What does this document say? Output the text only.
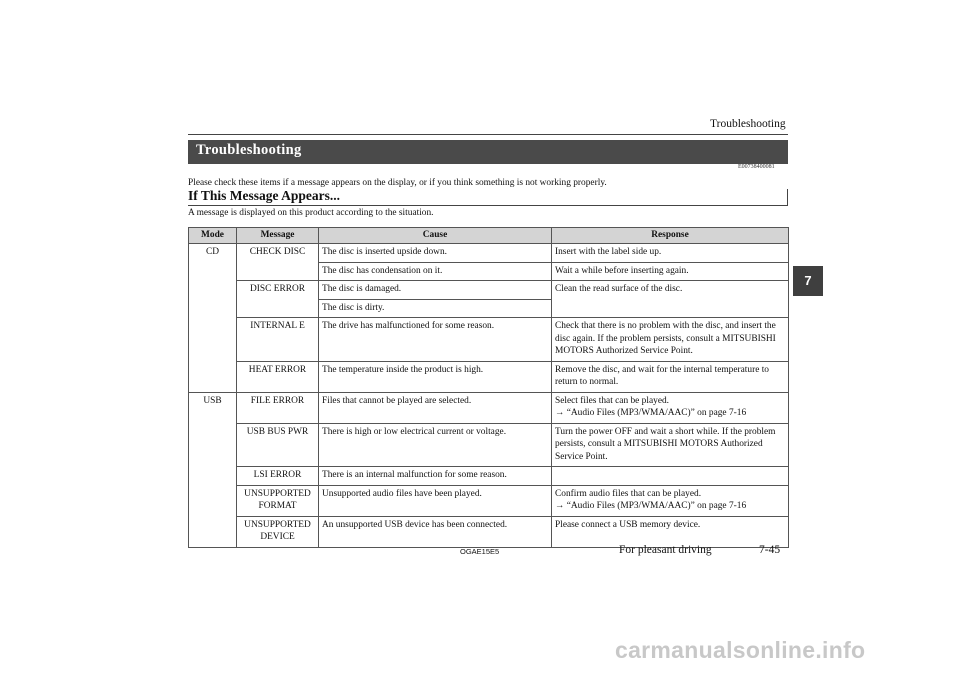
Troubleshooting
Troubleshooting
E00738400081
Please check these items if a message appears on the display, or if you think something is not working properly.
If This Message Appears...
A message is displayed on this product according to the situation.
Mode	Message	Cause	Response
CD	CHECK DISC	The disc is inserted upside down.	Insert with the label side up.
		The disc has condensation on it.	Wait a while before inserting again.
	DISC ERROR	The disc is damaged.	Clean the read surface of the disc.
		The disc is dirty.	
	INTERNAL E	The drive has malfunctioned for some reason.	Check that there is no problem with the disc, and insert the disc again. If the problem persists, consult a MITSUBISHI MOTORS Authorized Service Point.
	HEAT ERROR	The temperature inside the product is high.	Remove the disc, and wait for the internal temperature to return to normal.
USB	FILE ERROR	Files that cannot be played are selected.	Select files that can be played.
→ “Audio Files (MP3/WMA/AAC)” on page 7-16

	USB BUS PWR	There is high or low electrical current or voltage.	Turn the power OFF and wait a short while. If the problem persists, consult a MITSUBISHI MOTORS Authorized Service Point.
	LSI ERROR	There is an internal malfunction for some reason.	
	UNSUPPORTED FORMAT	Unsupported audio files have been played.	Confirm audio files that can be played.
→ “Audio Files (MP3/WMA/AAC)” on page 7-16

	UNSUPPORTED DEVICE	An unsupported USB device has been connected.	Please connect a USB memory device.
7
OGAE15E5	For pleasant driving	7-45
carmanualsonline.info
